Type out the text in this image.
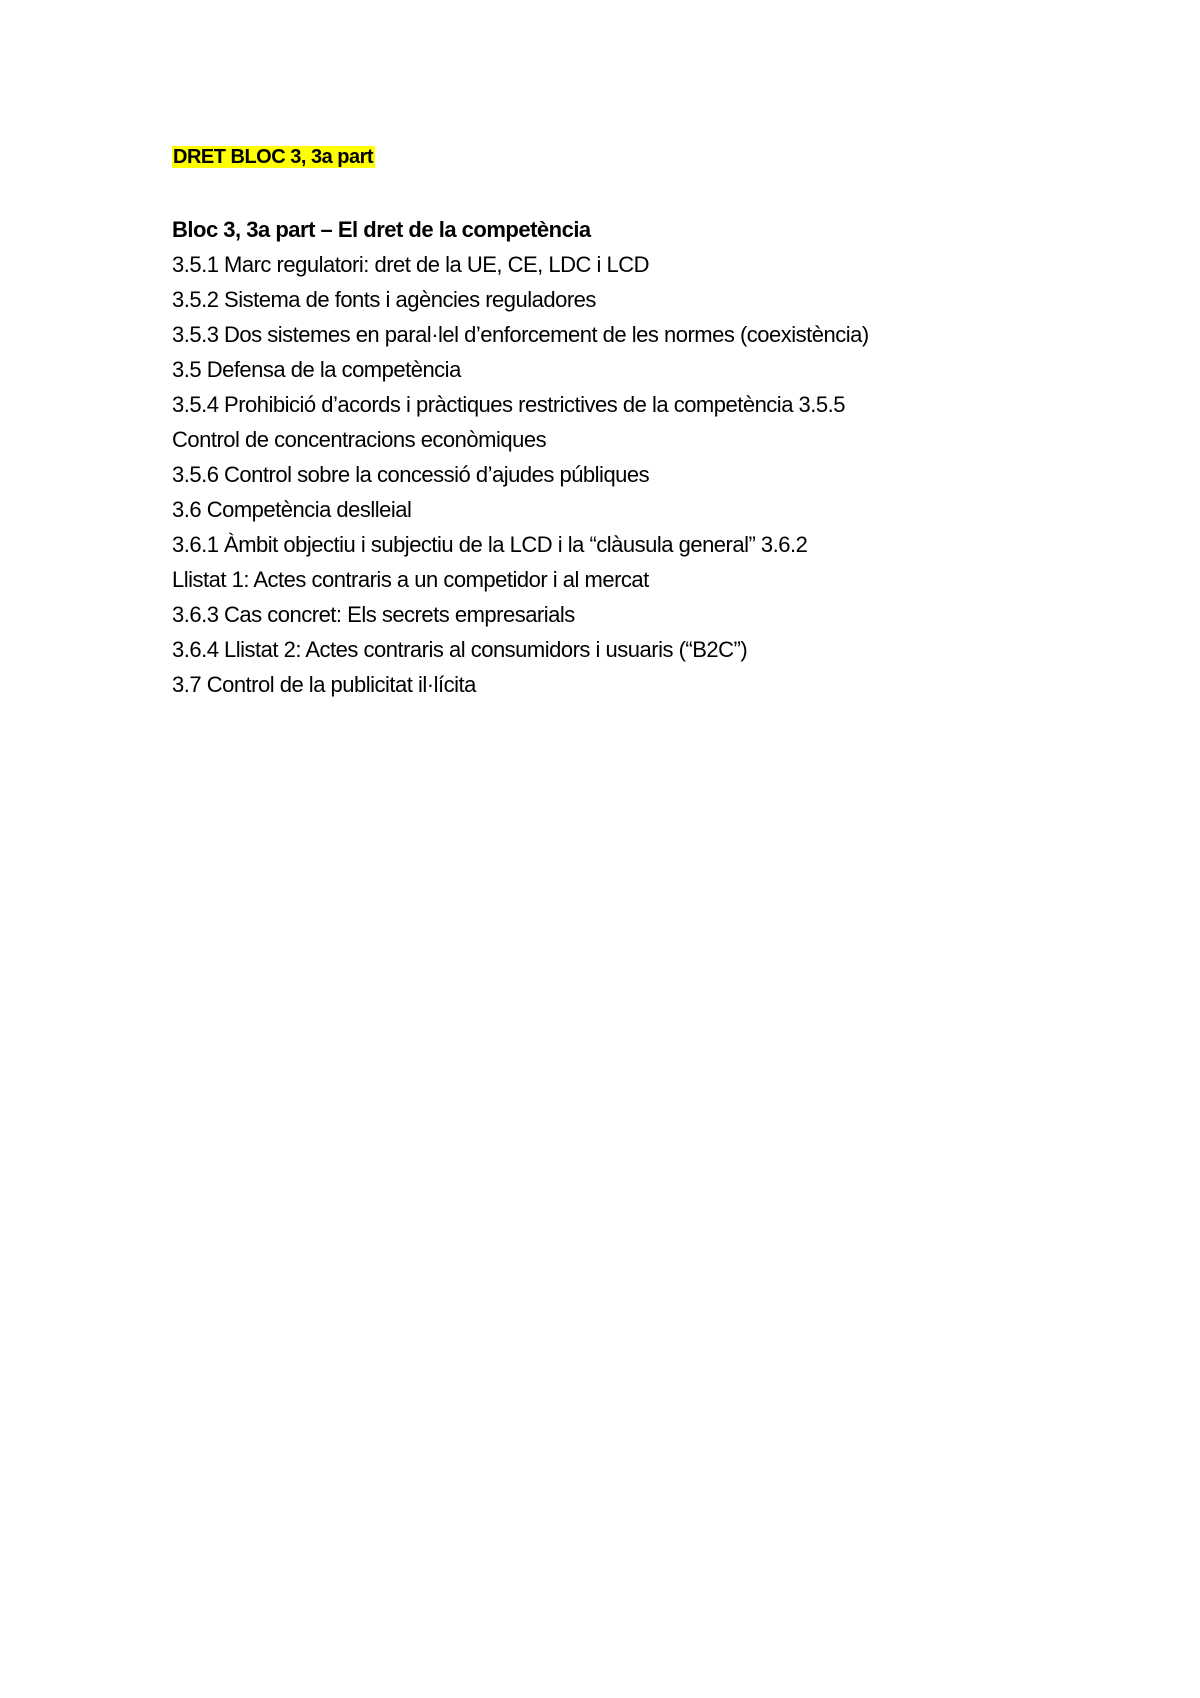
DRET BLOC 3, 3a part

Bloc 3, 3a part – El dret de la competència

3.5.1 Marc regulatori: dret de la UE, CE, LDC i LCD

3.5.2 Sistema de fonts i agències reguladores

3.5.3 Dos sistemes en paral·lel d’enforcement de les normes (coexistència)

3.5 Defensa de la competència

3.5.4 Prohibició d’acords i pràctiques restrictives de la competència 3.5.5

Control de concentracions econòmiques

3.5.6 Control sobre la concessió d’ajudes públiques

3.6 Competència deslleial

3.6.1 Àmbit objectiu i subjectiu de la LCD i la “clàusula general” 3.6.2

Llistat 1: Actes contraris a un competidor i al mercat

3.6.3 Cas concret: Els secrets empresarials

3.6.4 Llistat 2: Actes contraris al consumidors i usuaris (“B2C”)

3.7 Control de la publicitat il·lícita
